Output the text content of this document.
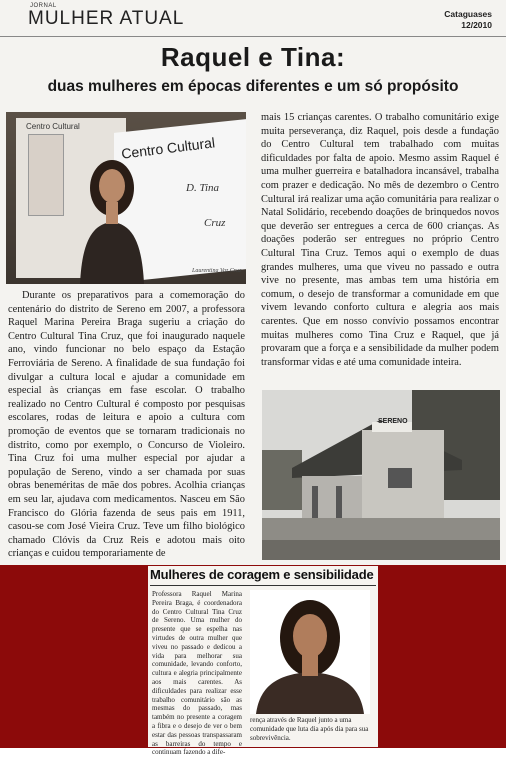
JORNAL
MULHER ATUAL	Cataguases
12/2010
Raquel e Tina:
duas mulheres em épocas diferentes e um só propósito
Centro Cultural
Centro Cultural
D. Tina
Cruz
Laurentina Vaz Cruz
Durante os preparativos para a comemoração do centenário do distrito de Sereno em 2007, a professora Raquel Marina Pereira Braga sugeriu a criação do Centro Cultural Tina Cruz, que foi inaugurado naquele ano, vindo funcionar no belo espaço da Estação Ferroviária de Sereno. A finalidade de sua fundação foi divulgar a cultura local e ajudar a comunidade em especial às crianças em fase escolar. O trabalho realizado no Centro Cultural é composto por pesquisas escolares, rodas de leitura e apoio a cultura com promoção de eventos que se tornaram tradicionais no distrito, como por exemplo, o Concurso de Violeiro. Tina Cruz foi uma mulher especial por ajudar a população de Sereno, vindo a ser chamada por suas obras beneméritas de mãe dos pobres. Acolhia crianças em seu lar, ajudava com medicamentos. Nasceu em São Francisco do Glória fazenda de seus pais em 1911, casou-se com José Vieira Cruz. Teve um filho biológico chamado Clóvis da Cruz Reis e adotou mais oito crianças e cuidou temporariamente de
mais 15 crianças carentes. O trabalho comunitário exige muita perseverança, diz Raquel, pois desde a fundação do Centro Cultural tem trabalhado com muitas dificuldades por falta de apoio. Mesmo assim Raquel é uma mulher guerreira e batalhadora incansável, trabalha com prazer e dedicação. No mês de dezembro o Centro Cultural irá realizar uma ação comunitária para realizar o Natal Solidário, recebendo doações de brinquedos novos que deverão ser entregues a cerca de 600 crianças. As doações poderão ser entregues no próprio Centro Cultural Tina Cruz. Temos aqui o exemplo de duas grandes mulheres, uma que viveu no passado e outra vive no presente, mas ambas tem uma história em comum, o desejo de transformar a comunidade em que vivem levando conforto cultura e alegria aos mais carentes. Que em nosso convívio possamos encontrar muitas mulheres como Tina Cruz e Raquel, que já provaram que a força e a sensibilidade da mulher podem transformar vidas e até uma comunidade inteira.
SERENO
Mulheres de coragem e sensibilidade
Professora Raquel Marina Pereira Braga, é coordenadora do Centro Cultural Tina Cruz de Sereno. Uma mulher do presente que se espelha nas virtudes de outra mulher que viveu no passado e dedicou a vida para melhorar sua comunidade, levando conforto, cultura e alegria principalmente aos mais carentes. As dificuldades para realizar esse trabalho comunitário são as mesmas do passado, mas também no presente a coragem a fibra e o desejo de ver o bem estar das pessoas transpassaram as barreiras do tempo e continuam fazendo a dife-
rença através de Raquel junto a uma comunidade que luta dia após dia para sua sobrevivência.
